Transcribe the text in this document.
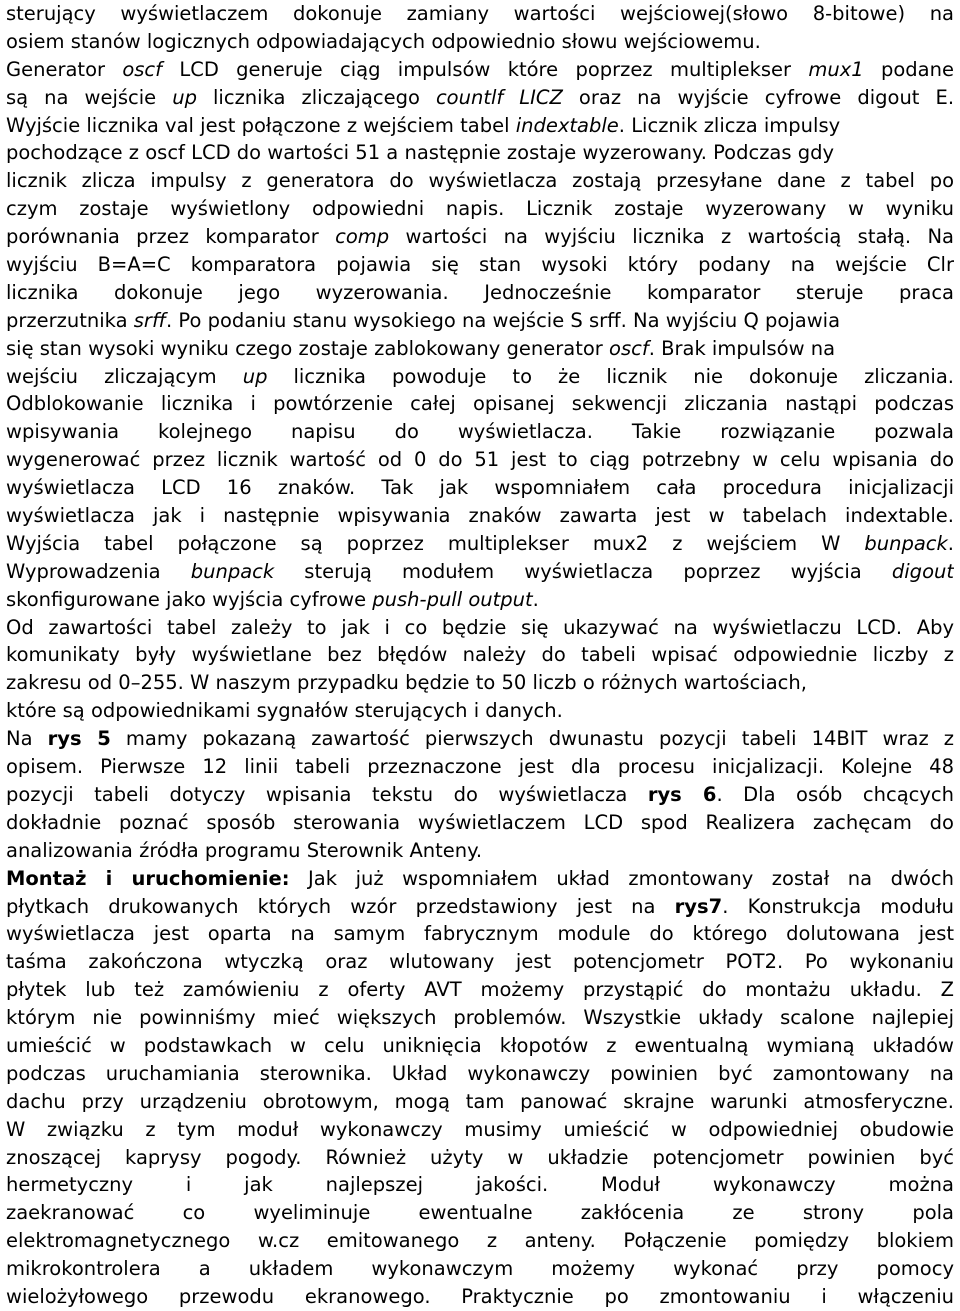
sterujący wyświetlaczem dokonuje zamiany wartości wejściowej(słowo 8-bitowe) na
osiem stanów logicznych odpowiadających odpowiednio słowu wejściowemu.
Generator oscf LCD generuje ciąg impulsów które poprzez multiplekser mux1 podane
są na wejście up licznika zliczającego countlf LICZ oraz na wyjście cyfrowe digout E.
Wyjście licznika val jest połączone z wejściem tabel indextable. Licznik zlicza impulsy
pochodzące z oscf LCD do wartości 51 a następnie zostaje wyzerowany. Podczas gdy
licznik zlicza impulsy z generatora do wyświetlacza zostają przesyłane dane z tabel po
czym zostaje wyświetlony odpowiedni napis. Licznik zostaje wyzerowany w wyniku
porównania przez komparator comp wartości na wyjściu licznika z wartością stałą. Na
wyjściu B=A=C komparatora pojawia się stan wysoki który podany na wejście Clr
licznika dokonuje jego wyzerowania. Jednocześnie komparator steruje praca
przerzutnika srff. Po podaniu stanu wysokiego na wejście S srff. Na wyjściu Q pojawia
się stan wysoki wyniku czego zostaje zablokowany generator oscf. Brak impulsów na
wejściu zliczającym up licznika powoduje to że licznik nie dokonuje zliczania.
Odblokowanie licznika i powtórzenie całej opisanej sekwencji zliczania nastąpi podczas
wpisywania kolejnego napisu do wyświetlacza. Takie rozwiązanie pozwala
wygenerować przez licznik wartość od 0 do 51 jest to ciąg potrzebny w celu wpisania do
wyświetlacza LCD 16 znaków. Tak jak wspomniałem cała procedura inicjalizacji
wyświetlacza jak i następnie wpisywania znaków zawarta jest w tabelach indextable.
Wyjścia tabel połączone są poprzez multiplekser mux2 z wejściem W bunpack.
Wyprowadzenia bunpack sterują modułem wyświetlacza poprzez wyjścia digout
skonfigurowane jako wyjścia cyfrowe push-pull output.
Od zawartości tabel zależy to jak i co będzie się ukazywać na wyświetlaczu LCD. Aby
komunikaty były wyświetlane bez błędów należy do tabeli wpisać odpowiednie liczby z
zakresu od 0–255. W naszym przypadku będzie to 50 liczb o różnych wartościach,
które są odpowiednikami sygnałów sterujących i danych.
Na rys 5 mamy pokazaną zawartość pierwszych dwunastu pozycji tabeli 14BIT wraz z
opisem. Pierwsze 12 linii tabeli przeznaczone jest dla procesu inicjalizacji. Kolejne 48
pozycji tabeli dotyczy wpisania tekstu do wyświetlacza rys 6. Dla osób chcących
dokładnie poznać sposób sterowania wyświetlaczem LCD spod Realizera zachęcam do
analizowania źródła programu Sterownik Anteny.
Montaż i uruchomienie: Jak już wspomniałem układ zmontowany został na dwóch
płytkach drukowanych których wzór przedstawiony jest na rys7. Konstrukcja modułu
wyświetlacza jest oparta na samym fabrycznym module do którego dolutowana jest
taśma zakończona wtyczką oraz wlutowany jest potencjometr POT2. Po wykonaniu
płytek lub też zamówieniu z oferty AVT możemy przystąpić do montażu układu. Z
którym nie powinniśmy mieć większych problemów. Wszystkie układy scalone najlepiej
umieścić w podstawkach w celu uniknięcia kłopotów z ewentualną wymianą układów
podczas uruchamiania sterownika. Układ wykonawczy powinien być zamontowany na
dachu przy urządzeniu obrotowym, mogą tam panować skrajne warunki atmosferyczne.
W związku z tym moduł wykonawczy musimy umieścić w odpowiedniej obudowie
znoszącej kaprysy pogody. Również użyty w układzie potencjometr powinien być
hermetyczny i jak najlepszej jakości. Moduł wykonawczy można
zaekranować co wyeliminuje ewentualne zakłócenia ze strony pola
elektromagnetycznego w.cz emitowanego z anteny. Połączenie pomiędzy blokiem
mikrokontrolera a układem wykonawczym możemy wykonać przy pomocy
wielożyłowego przewodu ekranowego. Praktycznie po zmontowaniu i włączeniu
